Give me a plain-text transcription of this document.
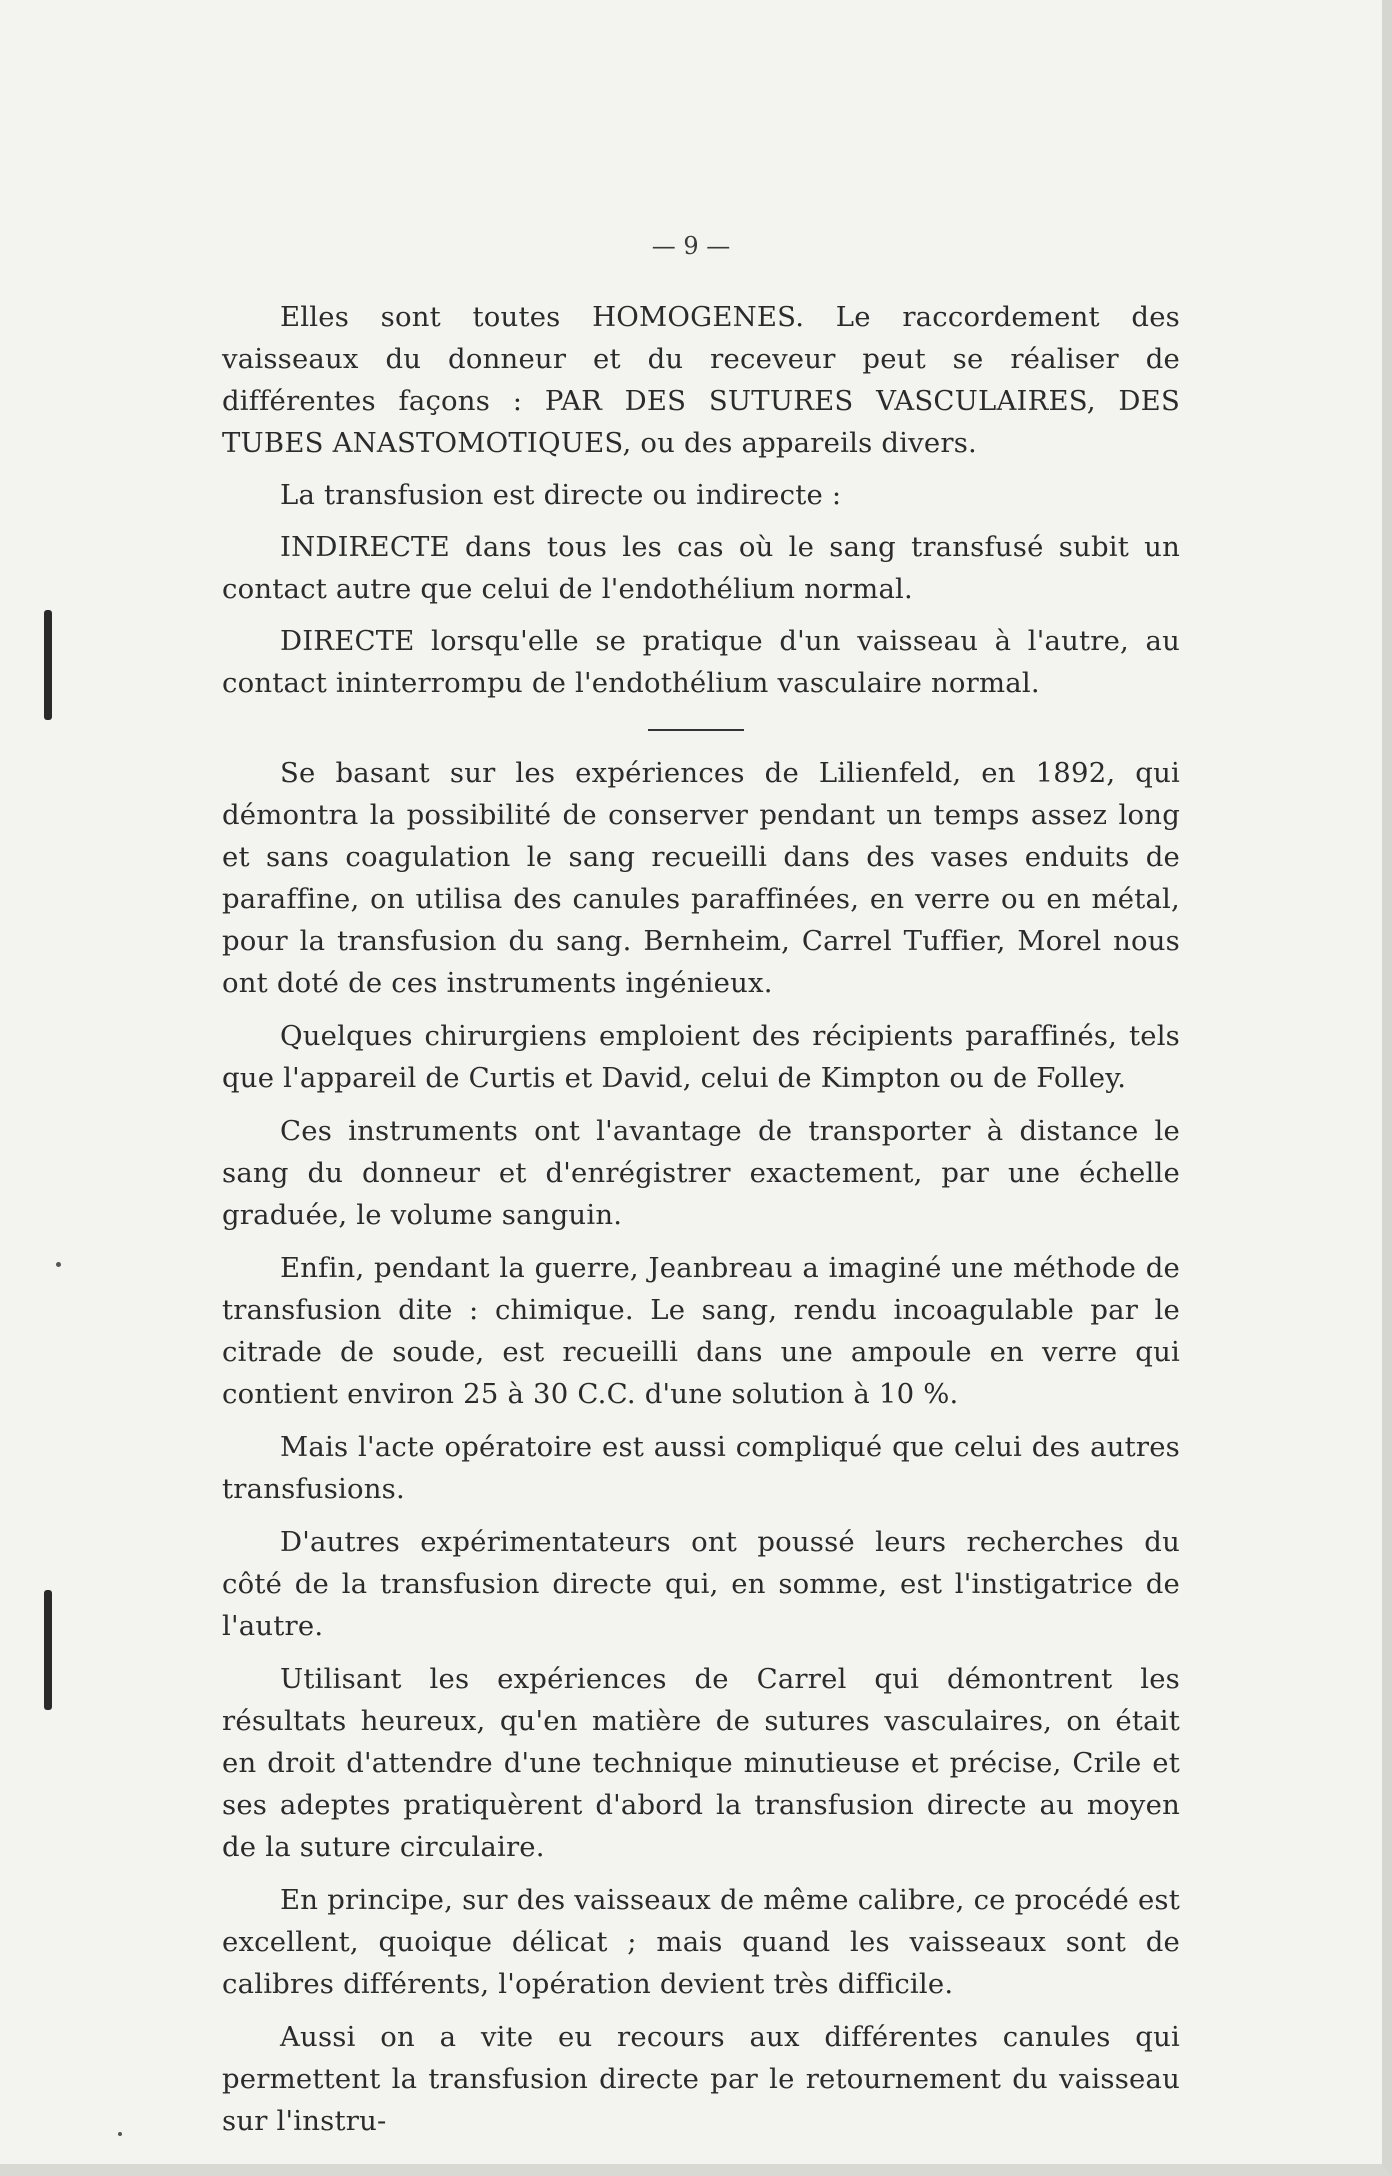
— 9 —

Elles sont toutes HOMOGENES. Le raccordement des vaisseaux du donneur et du receveur peut se réaliser de différentes façons : PAR DES SUTURES VASCULAIRES, DES TUBES ANASTOMOTIQUES, ou des appareils divers.

La transfusion est directe ou indirecte :

INDIRECTE dans tous les cas où le sang transfusé subit un contact autre que celui de l'endothélium normal.

DIRECTE lorsqu'elle se pratique d'un vaisseau à l'autre, au contact ininterrompu de l'endothélium vasculaire normal.

Se basant sur les expériences de Lilienfeld, en 1892, qui démontra la possibilité de conserver pendant un temps assez long et sans coagulation le sang recueilli dans des vases enduits de paraffine, on utilisa des canules paraffinées, en verre ou en métal, pour la transfusion du sang. Bernheim, Carrel Tuffier, Morel nous ont doté de ces instruments ingénieux.

Quelques chirurgiens emploient des récipients paraffinés, tels que l'appareil de Curtis et David, celui de Kimpton ou de Folley.

Ces instruments ont l'avantage de transporter à distance le sang du donneur et d'enrégistrer exactement, par une échelle graduée, le volume sanguin.

Enfin, pendant la guerre, Jeanbreau a imaginé une méthode de transfusion dite : chimique. Le sang, rendu incoagulable par le citrade de soude, est recueilli dans une ampoule en verre qui contient environ 25 à 30 C.C. d'une solution à 10 %.

Mais l'acte opératoire est aussi compliqué que celui des autres transfusions.

D'autres expérimentateurs ont poussé leurs recherches du côté de la transfusion directe qui, en somme, est l'instigatrice de l'autre.

Utilisant les expériences de Carrel qui démontrent les résultats heureux, qu'en matière de sutures vasculaires, on était en droit d'attendre d'une technique minutieuse et précise, Crile et ses adeptes pratiquèrent d'abord la transfusion directe au moyen de la suture circulaire.

En principe, sur des vaisseaux de même calibre, ce procédé est excellent, quoique délicat ; mais quand les vaisseaux sont de calibres différents, l'opération devient très difficile.

Aussi on a vite eu recours aux différentes canules qui permettent la transfusion directe par le retournement du vaisseau sur l'instru-
